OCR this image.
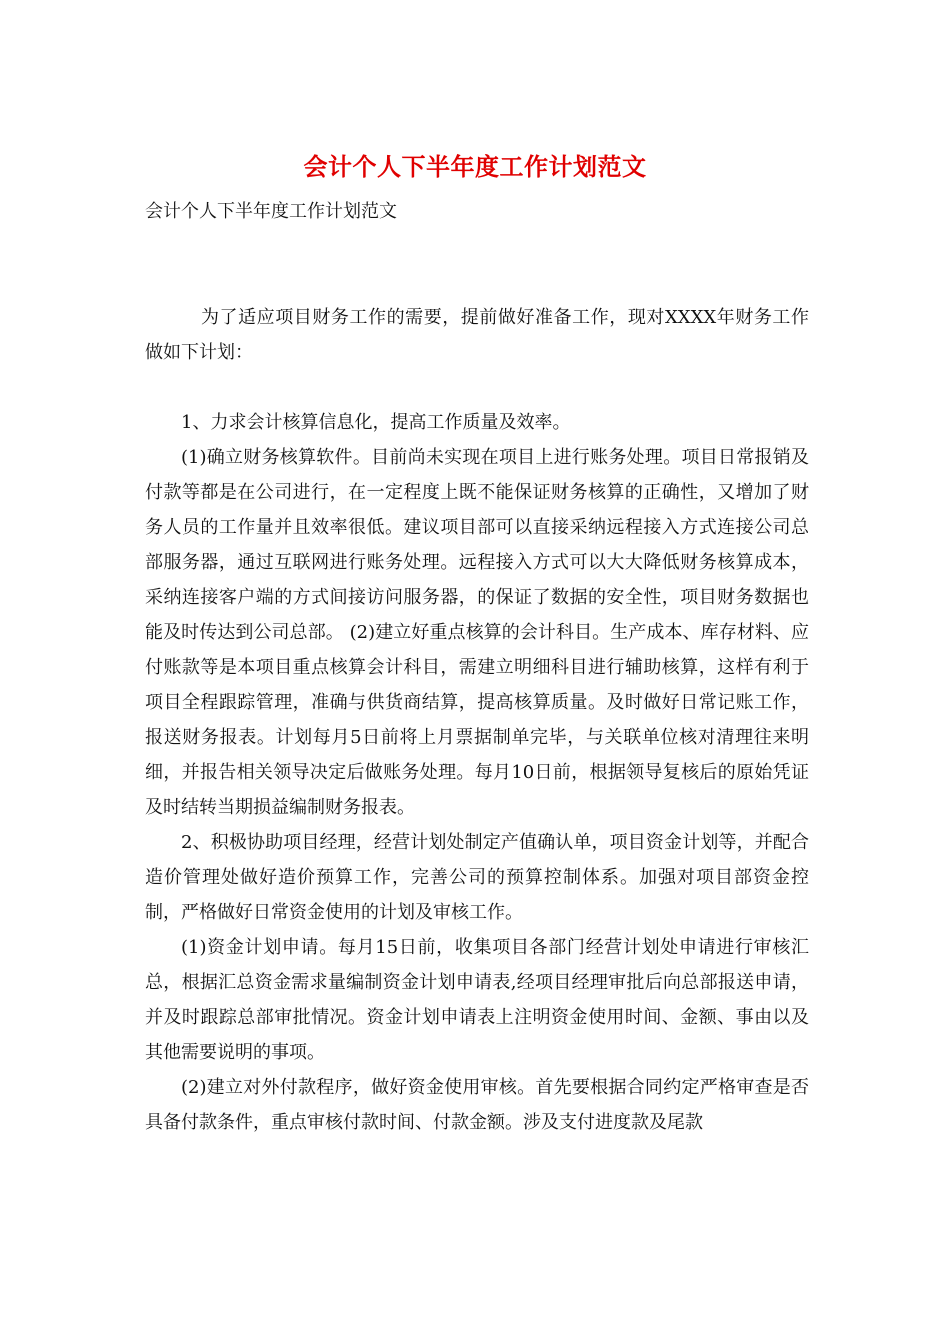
会计个人下半年度工作计划范文
会计个人下半年度工作计划范文

为了适应项目财务工作的需要，提前做好准备工作，现对XXXX年财务工作做如下计划：

1、力求会计核算信息化，提高工作质量及效率。

(1)确立财务核算软件。目前尚未实现在项目上进行账务处理。项目日常报销及付款等都是在公司进行，在一定程度上既不能保证财务核算的正确性，又增加了财务人员的工作量并且效率很低。建议项目部可以直接采纳远程接入方式连接公司总部服务器，通过互联网进行账务处理。远程接入方式可以大大降低财务核算成本，采纳连接客户端的方式间接访问服务器，的保证了数据的安全性，项目财务数据也能及时传达到公司总部。 (2)建立好重点核算的会计科目。生产成本、库存材料、应付账款等是本项目重点核算会计科目，需建立明细科目进行辅助核算，这样有利于项目全程跟踪管理，准确与供货商结算，提高核算质量。及时做好日常记账工作，报送财务报表。计划每月5日前将上月票据制单完毕，与关联单位核对清理往来明细，并报告相关领导决定后做账务处理。每月10日前，根据领导复核后的原始凭证及时结转当期损益编制财务报表。

2、积极协助项目经理，经营计划处制定产值确认单，项目资金计划等，并配合造价管理处做好造价预算工作，完善公司的预算控制体系。加强对项目部资金控制，严格做好日常资金使用的计划及审核工作。

(1)资金计划申请。每月15日前，收集项目各部门经营计划处申请进行审核汇总，根据汇总资金需求量编制资金计划申请表,经项目经理审批后向总部报送申请，并及时跟踪总部审批情况。资金计划申请表上注明资金使用时间、金额、事由以及其他需要说明的事项。

(2)建立对外付款程序，做好资金使用审核。首先要根据合同约定严格审查是否具备付款条件，重点审核付款时间、付款金额。涉及支付进度款及尾款
